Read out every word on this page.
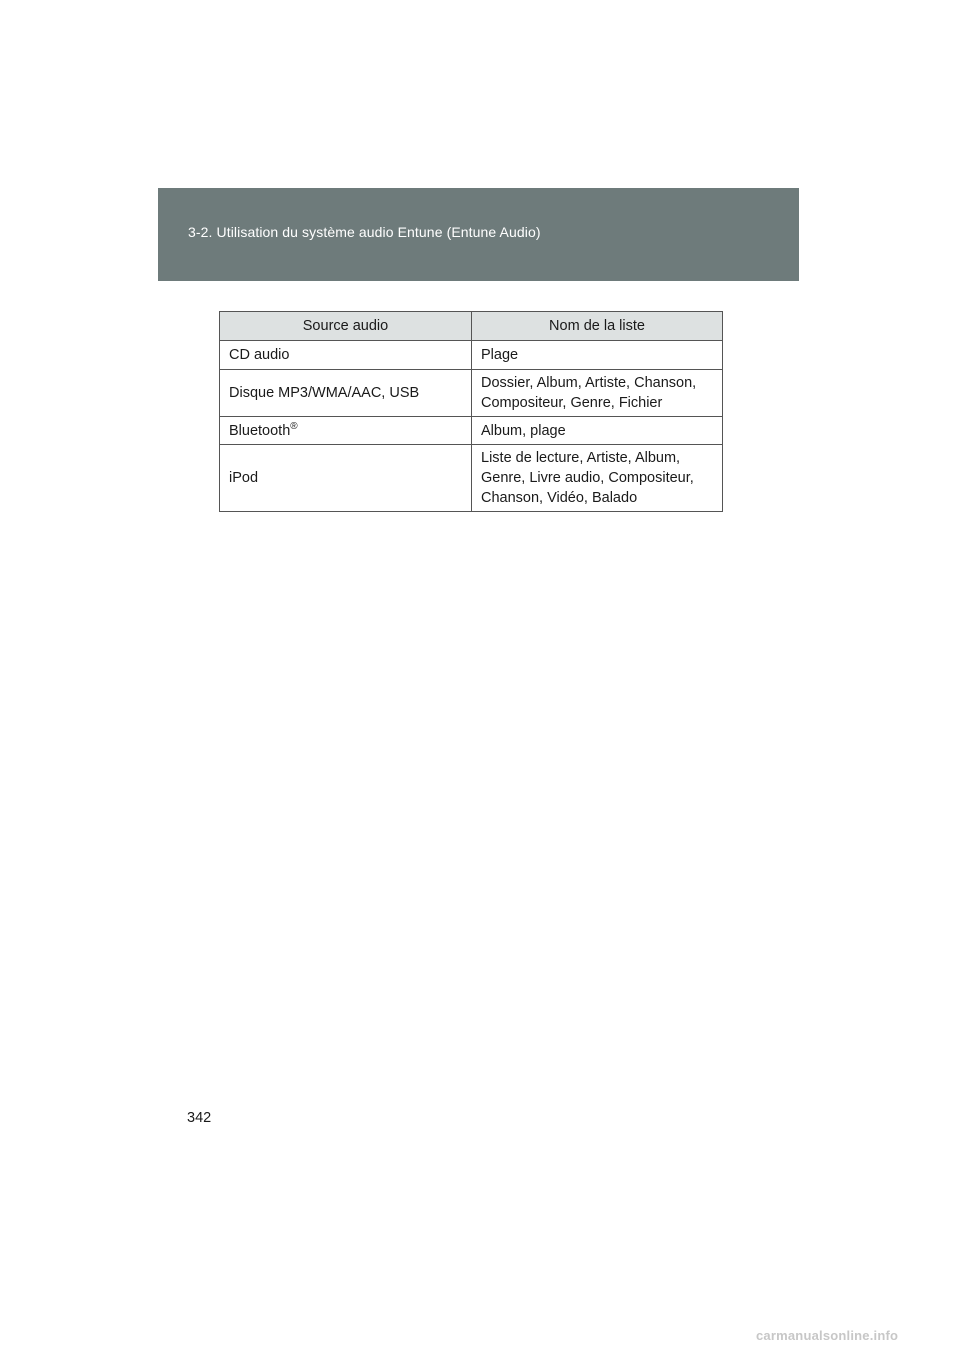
3-2. Utilisation du système audio Entune (Entune Audio)
Source audio	Nom de la liste
CD audio	Plage
Disque MP3/WMA/AAC, USB	Dossier, Album, Artiste, Chanson, Compositeur, Genre, Fichier
Bluetooth®	Album, plage
iPod	Liste de lecture, Artiste, Album, Genre, Livre audio, Compositeur, Chanson, Vidéo, Balado
342
carmanualsonline.info
